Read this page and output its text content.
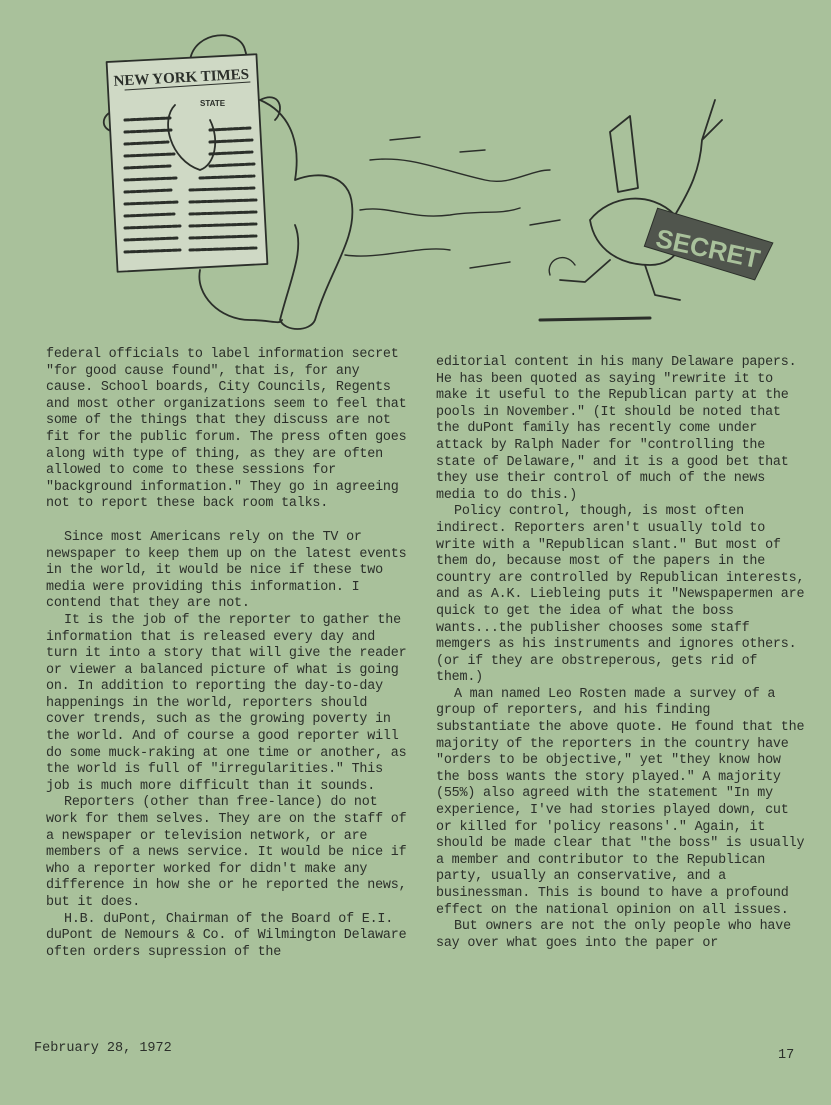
NEW YORK TIMES
STATE
SECRET

federal officials to label information secret "for good cause found", that is, for any cause. School boards, City Councils, Regents and most other organizations seem to feel that some of the things that they discuss are not fit for the public forum. The press often goes along with type of thing, as they are often allowed to come to these sessions for "background information." They go in agreeing not to report these back room talks.

Since most Americans rely on the TV or newspaper to keep them up on the latest events in the world, it would be nice if these two media were providing this information. I contend that they are not.

It is the job of the reporter to gather the information that is released every day and turn it into a story that will give the reader or viewer a balanced picture of what is going on. In addition to reporting the day-to-day happenings in the world, reporters should cover trends, such as the growing poverty in the world. And of course a good reporter will do some muck-raking at one time or another, as the world is full of "irregularities." This job is much more difficult than it sounds.

Reporters (other than free-lance) do not work for them selves. They are on the staff of a newspaper or television network, or are members of a news service. It would be nice if who a reporter worked for didn't make any difference in how she or he reported the news, but it does.

H.B. duPont, Chairman of the Board of E.I. duPont de Nemours & Co. of Wilmington Delaware often orders supression of the

editorial content in his many Delaware papers. He has been quoted as saying "rewrite it to make it useful to the Republican party at the pools in November." (It should be noted that the duPont family has recently come under attack by Ralph Nader for "controlling the state of Delaware," and it is a good bet that they use their control of much of the news media to do this.)

Policy control, though, is most often indirect. Reporters aren't usually told to write with a "Republican slant." But most of them do, because most of the papers in the country are controlled by Republican interests, and as A.K. Liebleing puts it "Newspapermen are quick to get the idea of what the boss wants...the publisher chooses some staff memgers as his instruments and ignores others. (or if they are obstreperous, gets rid of them.)

A man named Leo Rosten made a survey of a group of reporters, and his finding substantiate the above quote. He found that the majority of the reporters in the country have "orders to be objective," yet "they know how the boss wants the story played." A majority (55%) also agreed with the statement "In my experience, I've had stories played down, cut or killed for 'policy reasons'." Again, it should be made clear that "the boss" is usually a member and contributor to the Republican party, usually an conservative, and a businessman. This is bound to have a profound effect on the national opinion on all issues.

But owners are not the only people who have say over what goes into the paper or

February 28, 1972	17
